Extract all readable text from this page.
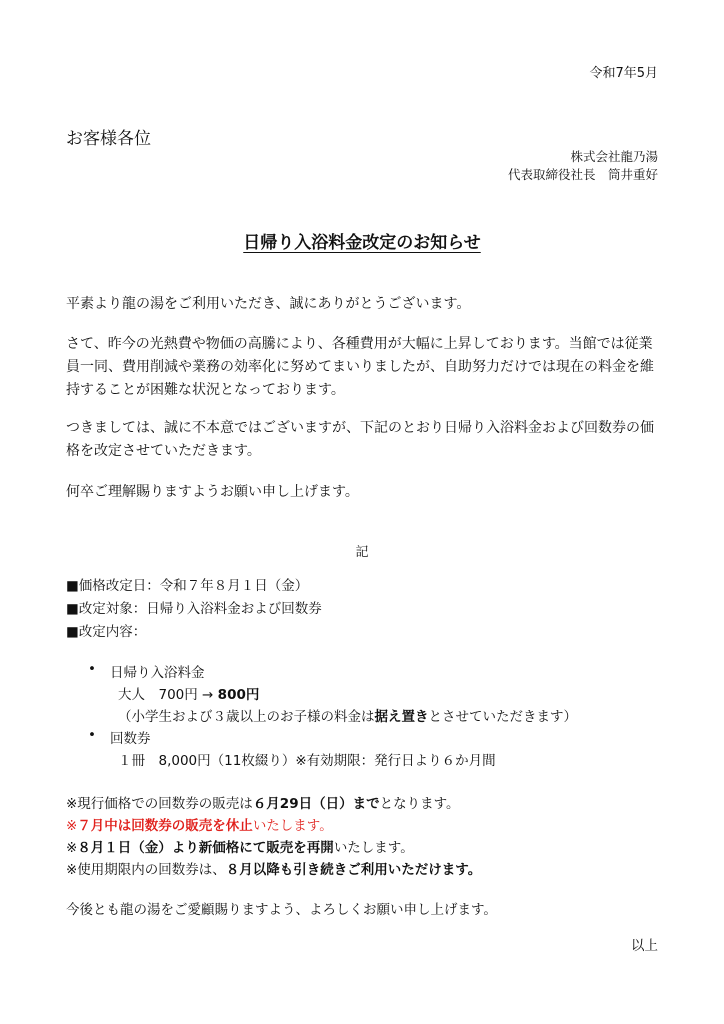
令和7年5月
お客様各位
株式会社龍乃湯
代表取締役社長　筒井重好
日帰り入浴料金改定のお知らせ
平素より龍の湯をご利用いただき、誠にありがとうございます。
さて、昨今の光熱費や物価の高騰により、各種費用が大幅に上昇しております。当館では従業員一同、費用削減や業務の効率化に努めてまいりましたが、自助努力だけでは現在の料金を維持することが困難な状況となっております。
つきましては、誠に不本意ではございますが、下記のとおり日帰り入浴料金および回数券の価格を改定させていただきます。
何卒ご理解賜りますようお願い申し上げます。
記
■価格改定日：令和７年８月１日（金）
■改定対象：日帰り入浴料金および回数券
■改定内容：
• 日帰り入浴料金
大人　700円 → 800円
（小学生および３歳以上のお子様の料金は据え置きとさせていただきます）
• 回数券
１冊　8,000円（11枚綴り）※有効期限：発行日より６か月間
※現行価格での回数券の販売は６月29日（日）までとなります。
※７月中は回数券の販売を休止いたします。
※８月１日（金）より新価格にて販売を再開いたします。
※使用期限内の回数券は、８月以降も引き続きご利用いただけます。
今後とも龍の湯をご愛顧賜りますよう、よろしくお願い申し上げます。
以上
